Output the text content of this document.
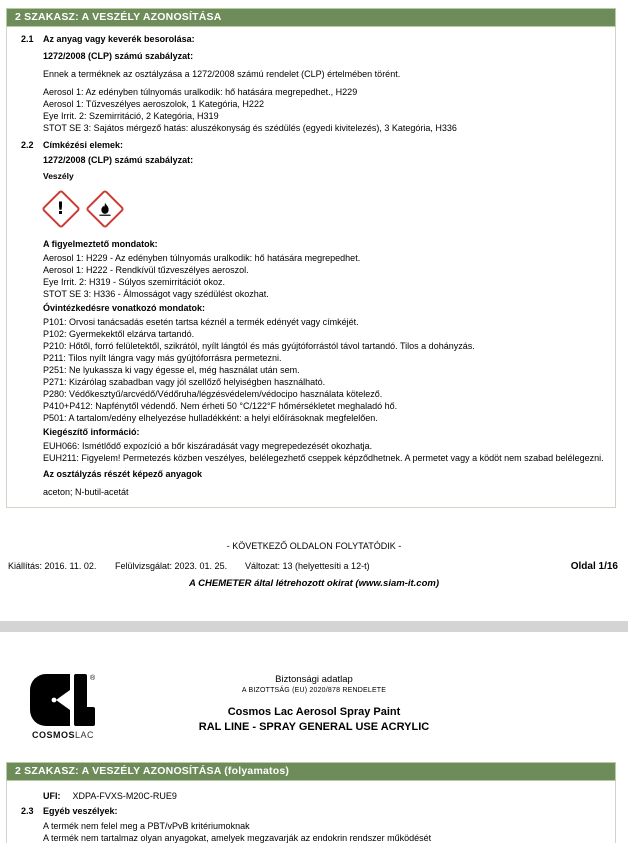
2 SZAKASZ: A VESZÉLY AZONOSÍTÁSA
2.1	Az anyag vagy keverék besorolása:
1272/2008 (CLP) számú szabályzat:
Ennek a terméknek az osztályzása a 1272/2008 számú rendelet (CLP) értelmében törént.
Aerosol 1: Az edényben túlnyomás uralkodik: hő hatására megrepedhet., H229
Aerosol 1: Tűzveszélyes aeroszolok, 1 Kategória, H222
Eye Irrit. 2: Szemirritáció, 2 Kategória, H319
STOT SE 3: Sajátos mérgező hatás: aluszékonyság és szédülés (egyedi kivitelezés), 3 Kategória, H336
2.2	Címkézési elemek:
1272/2008 (CLP) számú szabályzat:
Veszély
!
A figyelmeztető mondatok:
Aerosol 1: H229 - Az edényben túlnyomás uralkodik: hő hatására megrepedhet.
Aerosol 1: H222 - Rendkívül tűzveszélyes aeroszol.
Eye Irrit. 2: H319 - Súlyos szemirritációt okoz.
STOT SE 3: H336 - Álmosságot vagy szédülést okozhat.
Óvintézkedésre vonatkozó mondatok:
P101: Orvosi tanácsadás esetén tartsa kéznél a termék edényét vagy címkéjét.
P102: Gyermekektől elzárva tartandó.
P210: Hőtől, forró felületektől, szikrától, nyílt lángtól és más gyújtóforrástól távol tartandó. Tilos a dohányzás.
P211: Tilos nyílt lángra vagy más gyújtóforrásra permetezni.
P251: Ne lyukassza ki vagy égesse el, még használat után sem.
P271: Kizárólag szabadban vagy jól szellőző helyiségben használható.
P280: Védőkesztyű/arcvédő/Védőruha/légzésvédelem/védocipo használata kötelező.
P410+P412: Napfénytől védendő. Nem érheti 50 °C/122°F hőmérsékletet meghaladó hő.
P501: A tartalom/edény elhelyezése hulladékként: a helyi előírásoknak megfelelően.
Kiegészítő információ:
EUH066: Ismétlődő expozíció a bőr kiszáradását vagy megrepedezését okozhatja.
EUH211: Figyelem! Permetezés közben veszélyes, belélegezhető cseppek képződhetnek. A permetet vagy a ködöt nem szabad belélegezni.
Az osztályzás részét képező anyagok
aceton; N-butil-acetát
- KÖVETKEZŐ OLDALON FOLYTATÓDIK -
Kiállítás: 2016. 11. 02.	Felülvizsgálat: 2023. 01. 25.	Változat: 13 (helyettesíti a 12-t)	Oldal 1/16
A CHEMETER által létrehozott okirat (www.siam-it.com)
®
COSMOSLAC
Biztonsági adatlap
A BIZOTTSÁG (EU) 2020/878 RENDELETE
Cosmos Lac Aerosol Spray Paint
RAL LINE - SPRAY GENERAL USE ACRYLIC
2 SZAKASZ: A VESZÉLY AZONOSÍTÁSA (folyamatos)
UFI: XDPA-FVXS-M20C-RUE9
2.3	Egyéb veszélyek:
A termék nem felel meg a PBT/vPvB kritériumoknak
A termék nem tartalmaz olyan anyagokat, amelyek megzavarják az endokrin rendszer működését
